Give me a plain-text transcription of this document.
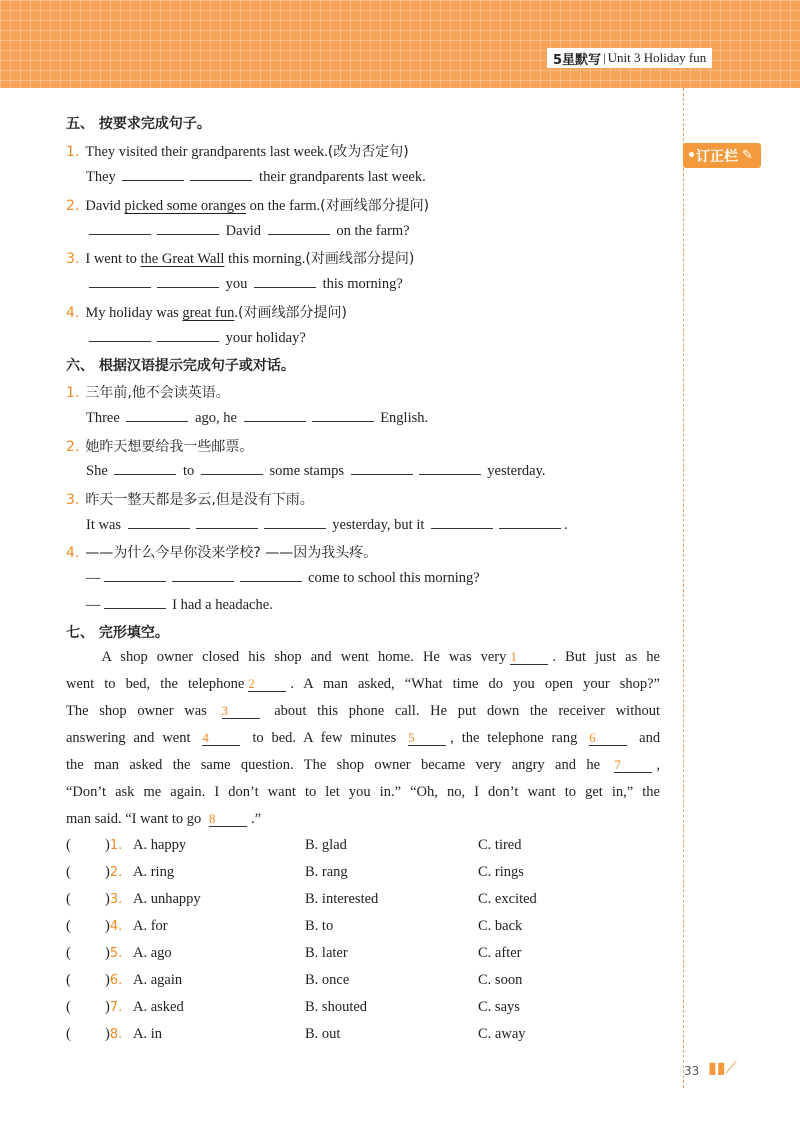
5星默写 | Unit 3 Holiday fun
• 订正栏 ✎
五、 按要求完成句子。
1. They visited their grandparents last week.(改为否定句)
They	their grandparents last week.
2. David picked some oranges on the farm.(对画线部分提问)
David	on the farm?
3. I went to the Great Wall this morning.(对画线部分提问)
you	this morning?
4. My holiday was great fun.(对画线部分提问)
your holiday?
六、 根据汉语提示完成句子或对话。
1. 三年前,他不会读英语。
Three	ago, he	English.
2. 她昨天想要给我一些邮票。
She	to	some stamps	yesterday.
3. 昨天一整天都是多云,但是没有下雨。
It was	yesterday, but it	.
4. ——为什么今早你没来学校? ——因为我头疼。
—	come to school this morning?
—	I had a headache.
七、 完形填空。
A shop owner closed his shop and went home. He was very 1 . But just as he
went to bed, the telephone 2 . A man asked, “What time do you open your shop?”
The shop owner was 3	about this phone call. He put down the receiver without
answering and went 4	to bed. A few minutes 5 , the telephone rang 6	and
the man asked the same question. The shop owner became very angry and he 7 ,
“Don’t ask me again. I don’t want to let you in.” “Oh, no, I don’t want to get in,” the
man said. “I want to go 8 .”
( )1. A. happy	B. glad	C. tired
( )2. A. ring	B. rang	C. rings
( )3. A. unhappy	B. interested	C. excited
( )4. A. for	B. to	C. back
( )5. A. ago	B. later	C. after
( )6. A. again	B. once	C. soon
( )7. A. asked	B. shouted	C. says
( )8. A. in	B. out	C. away
33 ▮▮⟋
